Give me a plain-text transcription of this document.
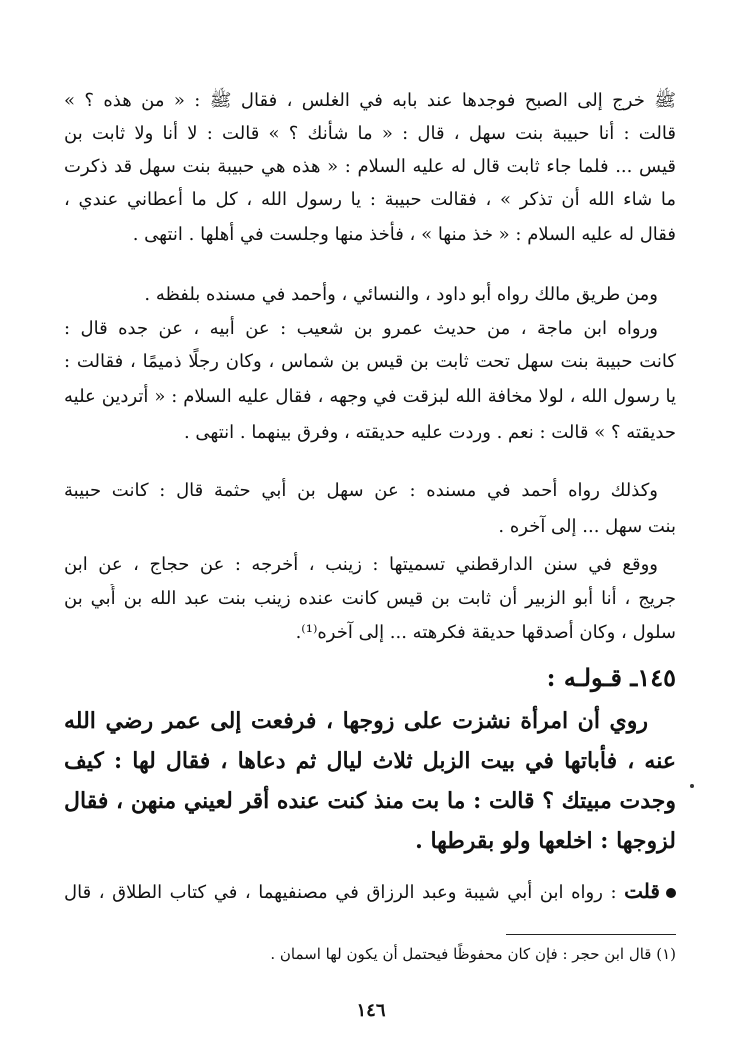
ﷺ خرج إلى الصبح فوجدها عند بابه في الغلس ، فقال ﷺ : « من هذه ؟ »
قالت : أنا حبيبة بنت سهل ، قال : « ما شأنك ؟ » قالت : لا أنا ولا ثابت بن
قيس ... فلما جاء ثابت قال له عليه السلام : « هذه هي حبيبة بنت سهل قد ذكرت
ما شاء الله أن تذكر » ، فقالت حبيبة : يا رسول الله ، كل ما أعطاني عندي ،
فقال له عليه السلام : « خذ منها » ، فأخذ منها وجلست في أهلها . انتهى .
ومن طريق مالك رواه أبو داود ، والنسائي ، وأحمد في مسنده بلفظه .
ورواه ابن ماجة ، من حديث عمرو بن شعيب : عن أبيه ، عن جده قال :
كانت حبيبة بنت سهل تحت ثابت بن قيس بن شماس ، وكان رجلًا ذميمًا ، فقالت :
يا رسول الله ، لولا مخافة الله لبزقت في وجهه ، فقال عليه السلام : « أتردين عليه
حديقته ؟ » قالت : نعم . وردت عليه حديقته ، وفرق بينهما . انتهى .
وكذلك رواه أحمد في مسنده : عن سهل بن أبي حثمة قال : كانت حبيبة
بنت سهل ... إلى آخره .
ووقع في سنن الدارقطني تسميتها : زينب ، أخرجه : عن حجاج ، عن ابن
جريج ، أنا أبو الزبير أن ثابت بن قيس كانت عنده زينب بنت عبد الله بن أُبي بن
سلول ، وكان أصدقها حديقة فكرهته ... إلى آخره⁽¹⁾.
١٤٥ـ قـولـه :
روي أن امرأة نشزت على زوجها ، فرفعت إلى عمر رضي الله
عنه ، فأباتها في بيت الزبل ثلاث ليال ثم دعاها ، فقال لها : كيف
وجدت مبيتك ؟ قالت : ما بت منذ كنت عنده أقر لعيني منهن ، فقال
لزوجها : اخلعها ولو بقرطها .
قلت : رواه ابن أبي شيبة وعبد الرزاق في مصنفيهما ، في كتاب الطلاق ، قال
(١) قال ابن حجر : فإن كان محفوظًا فيحتمل أن يكون لها اسمان .
١٤٦
